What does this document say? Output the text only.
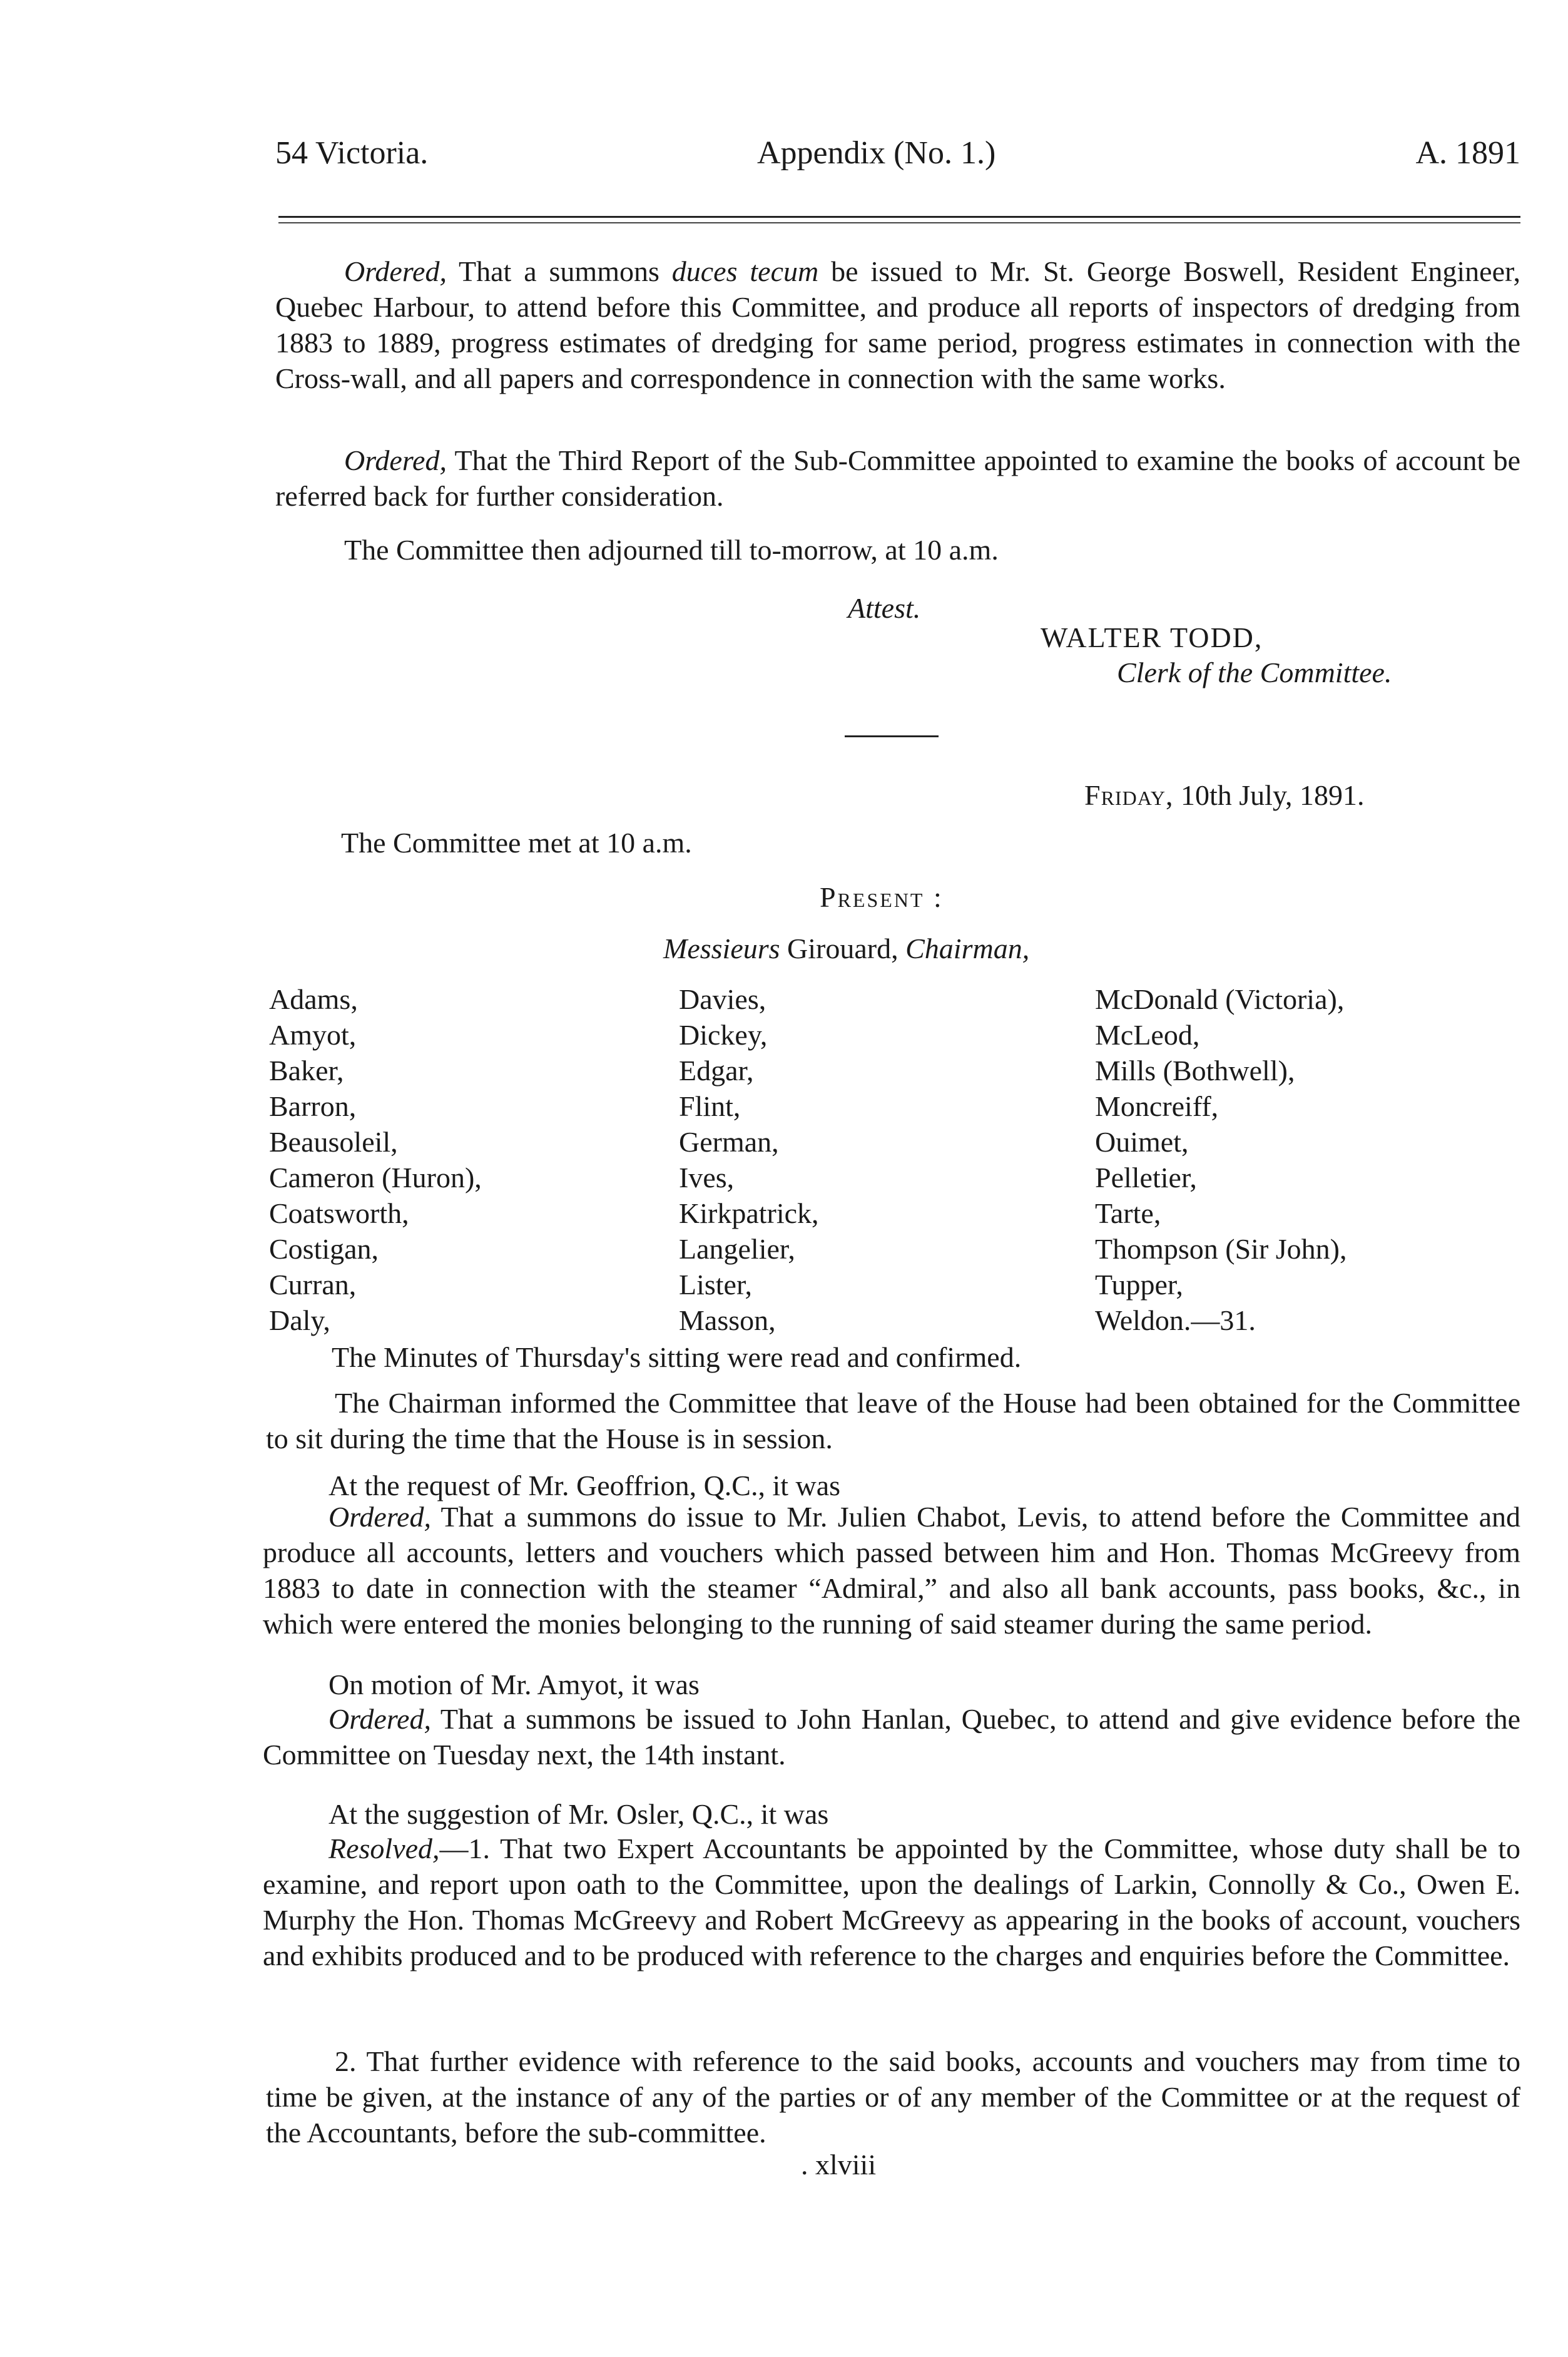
54 Victoria.	Appendix (No. 1.)	A. 1891

Ordered, That a summons duces tecum be issued to Mr. St. George Boswell, Resident Engineer, Quebec Harbour, to attend before this Committee, and produce all reports of inspectors of dredging from 1883 to 1889, progress estimates of dredging for same period, progress estimates in connection with the Cross-wall, and all papers and correspondence in connection with the same works.

Ordered, That the Third Report of the Sub-Committee appointed to examine the books of account be referred back for further consideration.

The Committee then adjourned till to-morrow, at 10 a.m.
Attest.
WALTER TODD,
Clerk of the Committee.
Friday, 10th July, 1891.
The Committee met at 10 a.m.
Present :
Messieurs Girouard, Chairman,
Adams,
Amyot,
Baker,
Barron,
Beausoleil,
Cameron (Huron),
Coatsworth,
Costigan,
Curran,
Daly,
Davies,
Dickey,
Edgar,
Flint,
German,
Ives,
Kirkpatrick,
Langelier,
Lister,
Masson,
McDonald (Victoria),
McLeod,
Mills (Bothwell),
Moncreiff,
Ouimet,
Pelletier,
Tarte,
Thompson (Sir John),
Tupper,
Weldon.—31.
The Minutes of Thursday's sitting were read and confirmed.

The Chairman informed the Committee that leave of the House had been obtained for the Committee to sit during the time that the House is in session.

At the request of Mr. Geoffrion, Q.C., it was

Ordered, That a summons do issue to Mr. Julien Chabot, Levis, to attend before the Committee and produce all accounts, letters and vouchers which passed between him and Hon. Thomas McGreevy from 1883 to date in connection with the steamer “Admiral,” and also all bank accounts, pass books, &c., in which were entered the monies belonging to the running of said steamer during the same period.

On motion of Mr. Amyot, it was

Ordered, That a summons be issued to John Hanlan, Quebec, to attend and give evidence before the Committee on Tuesday next, the 14th instant.

At the suggestion of Mr. Osler, Q.C., it was

Resolved,—1. That two Expert Accountants be appointed by the Committee, whose duty shall be to examine, and report upon oath to the Committee, upon the dealings of Larkin, Connolly & Co., Owen E. Murphy the Hon. Thomas McGreevy and Robert McGreevy as appearing in the books of account, vouchers and exhibits produced and to be produced with reference to the charges and enquiries before the Committee.

2. That further evidence with reference to the said books, accounts and vouchers may from time to time be given, at the instance of any of the parties or of any member of the Committee or at the request of the Accountants, before the sub-committee.

. xlviii
